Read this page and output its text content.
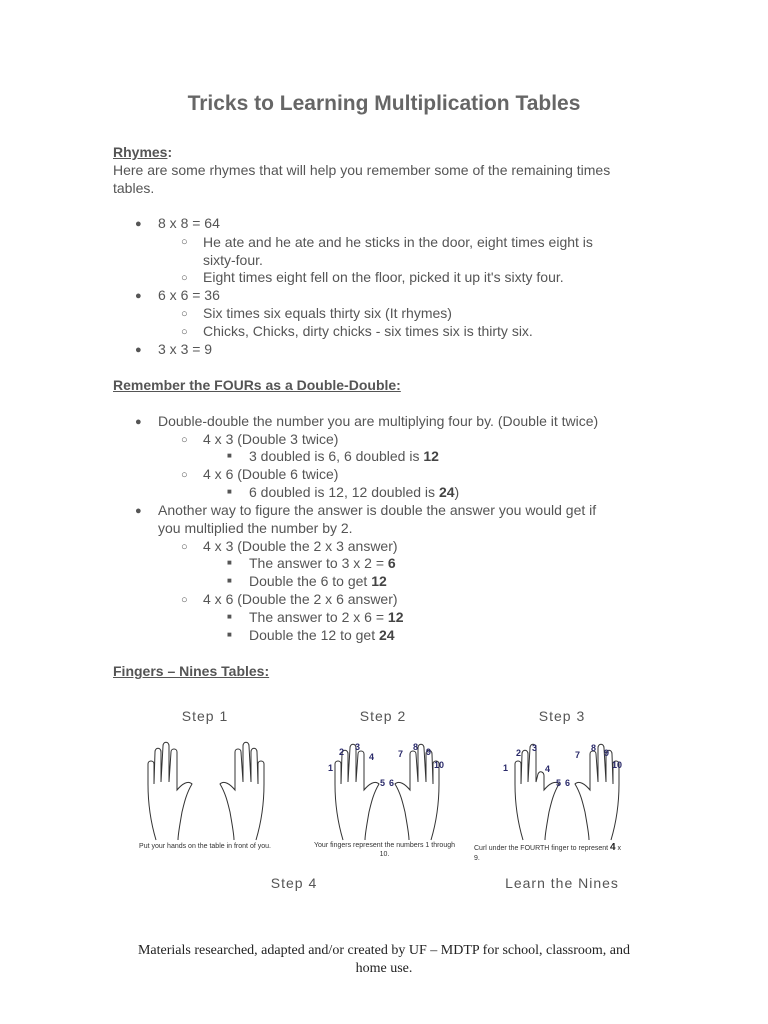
Tricks to Learning Multiplication Tables
Rhymes:
Here are some rhymes that will help you remember some of the remaining times
tables.
● 8 x 8 = 64
○ He ate and he ate and he sticks in the door, eight times eight is
sixty-four.
○ Eight times eight fell on the floor, picked it up it's sixty four.
● 6 x 6 = 36
○ Six times six equals thirty six (It rhymes)
○ Chicks, Chicks, dirty chicks - six times six is thirty six.
● 3 x 3 = 9
Remember the FOURs as a Double-Double:
● Double-double the number you are multiplying four by. (Double it twice)
○ 4 x 3 (Double 3 twice)
■ 3 doubled is 6, 6 doubled is 12
○ 4 x 6 (Double 6 twice)
■ 6 doubled is 12, 12 doubled is 24)
● Another way to figure the answer is double the answer you would get if
you multiplied the number by 2.
○ 4 x 3 (Double the 2 x 3 answer)
■ The answer to 3 x 2 = 6
■ Double the 6 to get 12
○ 4 x 6 (Double the 2 x 6 answer)
■ The answer to 2 x 6 = 12
■ Double the 12 to get 24
Fingers – Nines Tables:
Step 1	Step 2	Step 3
1
2 3
4
5 6
7
8 9
10	1
2 3
4
5 6
7
8 9
10
Put your hands on the table in front of you.	Your fingers represent the numbers 1 through
10.
Curl under the FOURTH finger to represent 4 x
9.
Step 4	Learn the Nines
Materials researched, adapted and/or created by UF – MDTP for school, classroom, and
home use.
